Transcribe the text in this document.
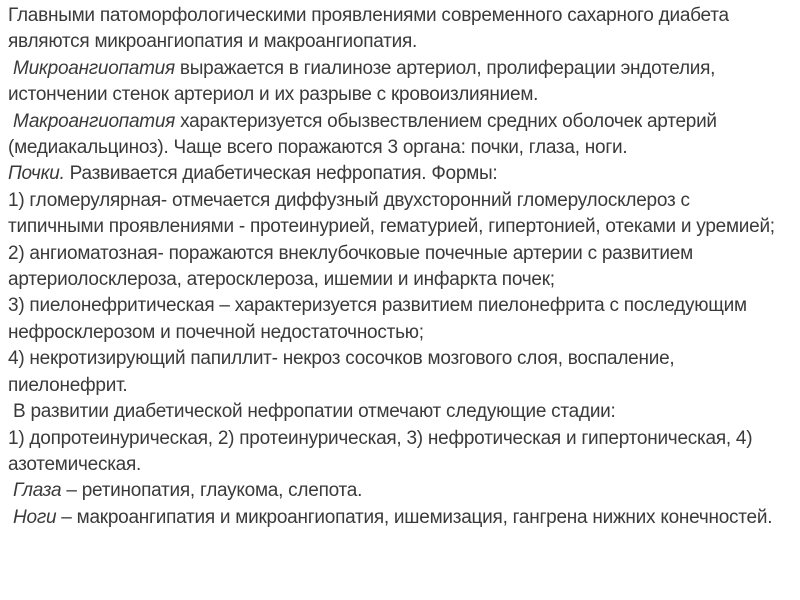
Главными патоморфологическими проявлениями современного сахарного диабета являются микроангиопатия и макроангиопатия.

Микроангиопатия выражается в гиалинозе артериол, пролиферации эндотелия, истончении стенок артериол и их разрыве с кровоизлиянием.

Макроангиопатия характеризуется обызвествлением средних оболочек артерий (медиакальциноз). Чаще всего поражаются 3 органа: почки, глаза, ноги.

Почки. Развивается диабетическая нефропатия. Формы:

1) гломерулярная- отмечается диффузный двухсторонний гломерулосклероз с типичными проявлениями - протеинурией, гематурией, гипертонией, отеками и уремией;

2) ангиоматозная- поражаются внеклубочковые почечные артерии с развитием артериолосклероза, атеросклероза, ишемии и инфаркта почек;

3) пиелонефритическая – характеризуется развитием пиелонефрита с последующим нефросклерозом и почечной недостаточностью;

4) некротизирующий папиллит- некроз сосочков мозгового слоя, воспаление, пиелонефрит.

В развитии диабетической нефропатии отмечают следующие стадии:

1) допротеинурическая, 2) протеинурическая, 3) нефротическая и гипертоническая, 4) азотемическая.

Глаза – ретинопатия, глаукома, слепота.

Ноги – макроангипатия и микроангиопатия, ишемизация, гангрена нижних конечностей.
